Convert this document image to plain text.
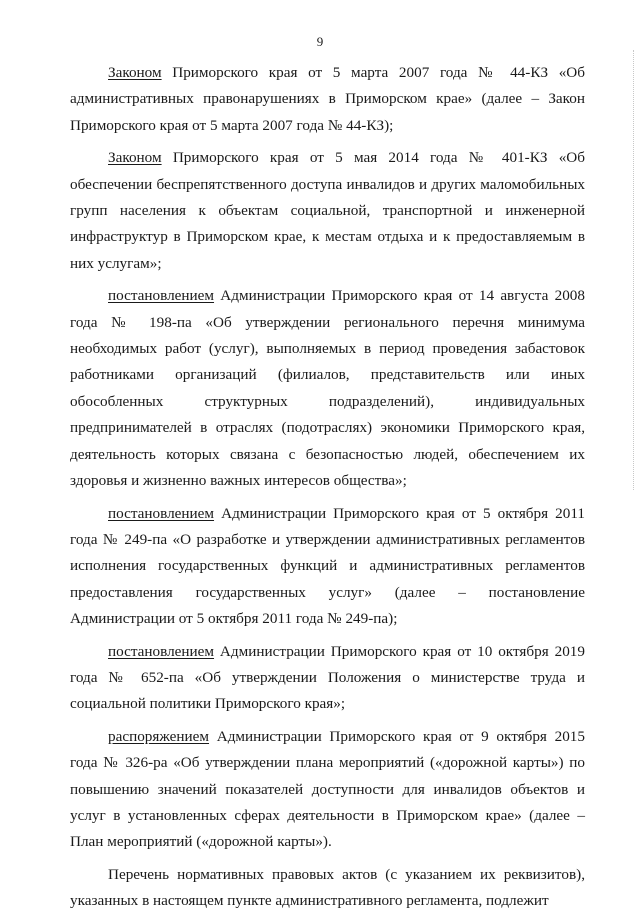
9

Законом Приморского края от 5 марта 2007 года № 44-КЗ «Об административных правонарушениях в Приморском крае» (далее – Закон Приморского края от 5 марта 2007 года № 44-КЗ);

Законом Приморского края от 5 мая 2014 года № 401-КЗ «Об обеспечении беспрепятственного доступа инвалидов и других маломобильных групп населения к объектам социальной, транспортной и инженерной инфраструктур в Приморском крае, к местам отдыха и к предоставляемым в них услугам»;

постановлением Администрации Приморского края от 14 августа 2008 года № 198-па «Об утверждении регионального перечня минимума необходимых работ (услуг), выполняемых в период проведения забастовок работниками организаций (филиалов, представительств или иных обособленных структурных подразделений), индивидуальных предпринимателей в отраслях (подотраслях) экономики Приморского края, деятельность которых связана с безопасностью людей, обеспечением их здоровья и жизненно важных интересов общества»;

постановлением Администрации Приморского края от 5 октября 2011 года № 249-па «О разработке и утверждении административных регламентов исполнения государственных функций и административных регламентов предоставления государственных услуг» (далее – постановление Администрации от 5 октября 2011 года № 249-па);

постановлением Администрации Приморского края от 10 октября 2019 года № 652-па «Об утверждении Положения о министерстве труда и социальной политики Приморского края»;

распоряжением Администрации Приморского края от 9 октября 2015 года № 326-ра «Об утверждении плана мероприятий («дорожной карты») по повышению значений показателей доступности для инвалидов объектов и услуг в установленных сферах деятельности в Приморском крае» (далее – План мероприятий («дорожной карты»).

Перечень нормативных правовых актов (с указанием их реквизитов), указанных в настоящем пункте административного регламента, подлежит
